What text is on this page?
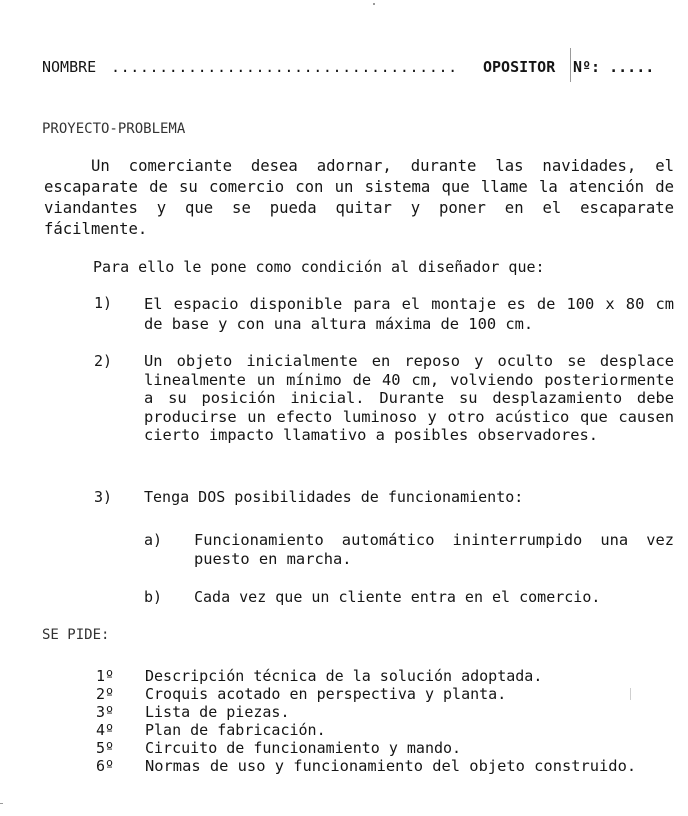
NOMBRE .................................... OPOSITOR Nº: .....
PROYECTO-PROBLEMA
Un comerciante desea adornar, durante las navidades, el escaparate de su comercio con un sistema que llame la atención de viandantes y que se pueda quitar y poner en el escaparate fácilmente.
Para ello le pone como condición al diseñador que:
1) El espacio disponible para el montaje es de 100 x 80 cm de base y con una altura máxima de 100 cm.
2) Un objeto inicialmente en reposo y oculto se desplace linealmente un mínimo de 40 cm, volviendo posteriormente a su posición inicial. Durante su desplazamiento debe producirse un efecto luminoso y otro acústico que causen cierto impacto llamativo a posibles observadores.
3) Tenga DOS posibilidades de funcionamiento:
a) Funcionamiento automático ininterrumpido una vez puesto en marcha.
b) Cada vez que un cliente entra en el comercio.
SE PIDE:
1º Descripción técnica de la solución adoptada.
2º Croquis acotado en perspectiva y planta.
3º Lista de piezas.
4º Plan de fabricación.
5º Circuito de funcionamiento y mando.
6º Normas de uso y funcionamiento del objeto construido.
